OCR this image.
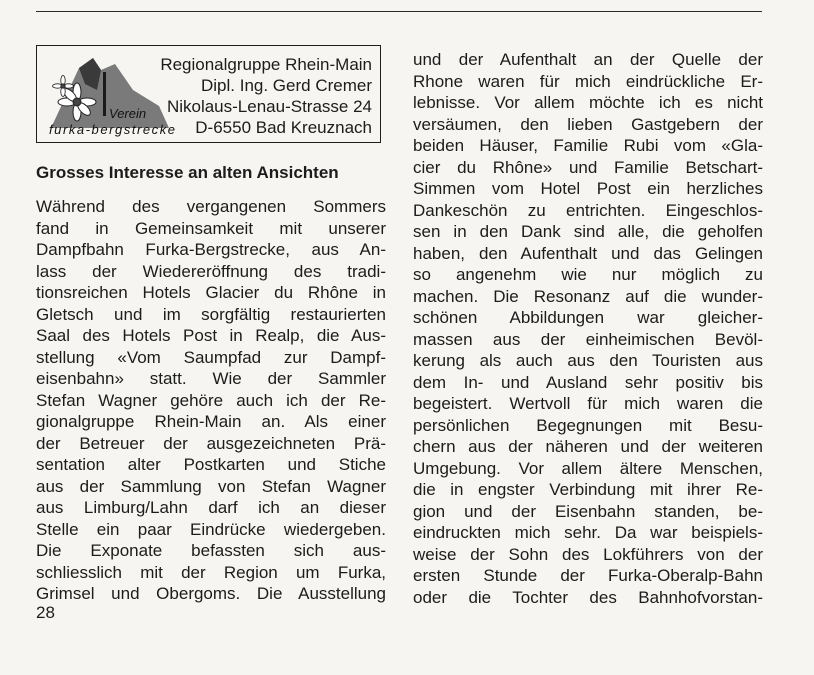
Verein
furka-bergstrecke
Regionalgruppe Rhein-Main
Dipl. Ing. Gerd Cremer
Nikolaus-Lenau-Strasse 24
D-6550 Bad Kreuznach
Grosses Interesse an alten Ansichten
Während des vergangenen Sommers
fand in Gemeinsamkeit mit unserer
Dampfbahn Furka-Bergstrecke, aus An-
lass der Wiedereröffnung des tradi-
tionsreichen Hotels Glacier du Rhône in
Gletsch und im sorgfältig restaurierten
Saal des Hotels Post in Realp, die Aus-
stellung «Vom Saumpfad zur Dampf-
eisenbahn» statt. Wie der Sammler
Stefan Wagner gehöre auch ich der Re-
gionalgruppe Rhein-Main an. Als einer
der Betreuer der ausgezeichneten Prä-
sentation alter Postkarten und Stiche
aus der Sammlung von Stefan Wagner
aus Limburg/Lahn darf ich an dieser
Stelle ein paar Eindrücke wiedergeben.
Die Exponate befassten sich aus-
schliesslich mit der Region um Furka,
Grimsel und Obergoms. Die Ausstellung
und der Aufenthalt an der Quelle der
Rhone waren für mich eindrückliche Er-
lebnisse. Vor allem möchte ich es nicht
versäumen, den lieben Gastgebern der
beiden Häuser, Familie Rubi vom «Gla-
cier du Rhône» und Familie Betschart-
Simmen vom Hotel Post ein herzliches
Dankeschön zu entrichten. Eingeschlos-
sen in den Dank sind alle, die geholfen
haben, den Aufenthalt und das Gelingen
so angenehm wie nur möglich zu
machen. Die Resonanz auf die wunder-
schönen Abbildungen war gleicher-
massen aus der einheimischen Bevöl-
kerung als auch aus den Touristen aus
dem In- und Ausland sehr positiv bis
begeistert. Wertvoll für mich waren die
persönlichen Begegnungen mit Besu-
chern aus der näheren und der weiteren
Umgebung. Vor allem ältere Menschen,
die in engster Verbindung mit ihrer Re-
gion und der Eisenbahn standen, be-
eindruckten mich sehr. Da war beispiels-
weise der Sohn des Lokführers von der
ersten Stunde der Furka-Oberalp-Bahn
oder die Tochter des Bahnhofvorstan-
28
